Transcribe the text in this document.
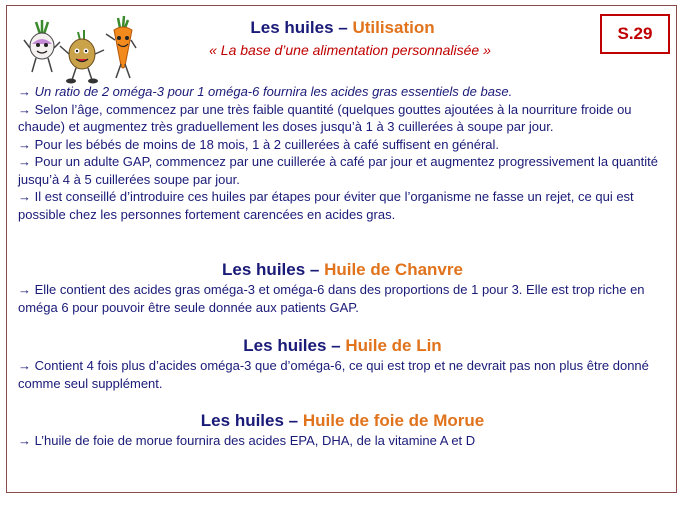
S.29
Les huiles – Utilisation
« La base d’une alimentation personnalisée »

→ Un ratio de 2 oméga-3 pour 1 oméga-6 fournira les acides gras essentiels de base.

→ Selon l’âge, commencez par une très faible quantité (quelques gouttes ajoutées à la nourriture froide ou chaude) et augmentez très graduellement les doses jusqu’à 1 à 3 cuillerées à soupe par jour.

→ Pour les bébés de moins de 18 mois, 1 à 2 cuillerées à café suffisent en général.

→ Pour un adulte GAP, commencez par une cuillerée à café par jour et augmentez progressivement la quantité jusqu’à 4 à 5 cuillerées soupe par jour.

→ Il est conseillé d’introduire ces huiles par étapes pour éviter que l’organisme ne fasse un rejet, ce qui est possible chez les personnes fortement carencées en acides gras.

Les huiles – Huile de Chanvre

→ Elle contient des acides gras oméga-3 et oméga-6 dans des proportions de 1 pour 3. Elle est trop riche en oméga 6 pour pouvoir être seule donnée aux patients GAP.

Les huiles – Huile de Lin

→ Contient 4 fois plus d’acides oméga-3 que d’oméga-6, ce qui est trop et ne devrait pas non plus être donné comme seul supplément.

Les huiles – Huile de foie de Morue

→ L’huile de foie de morue fournira des acides EPA, DHA, de la vitamine A et D
